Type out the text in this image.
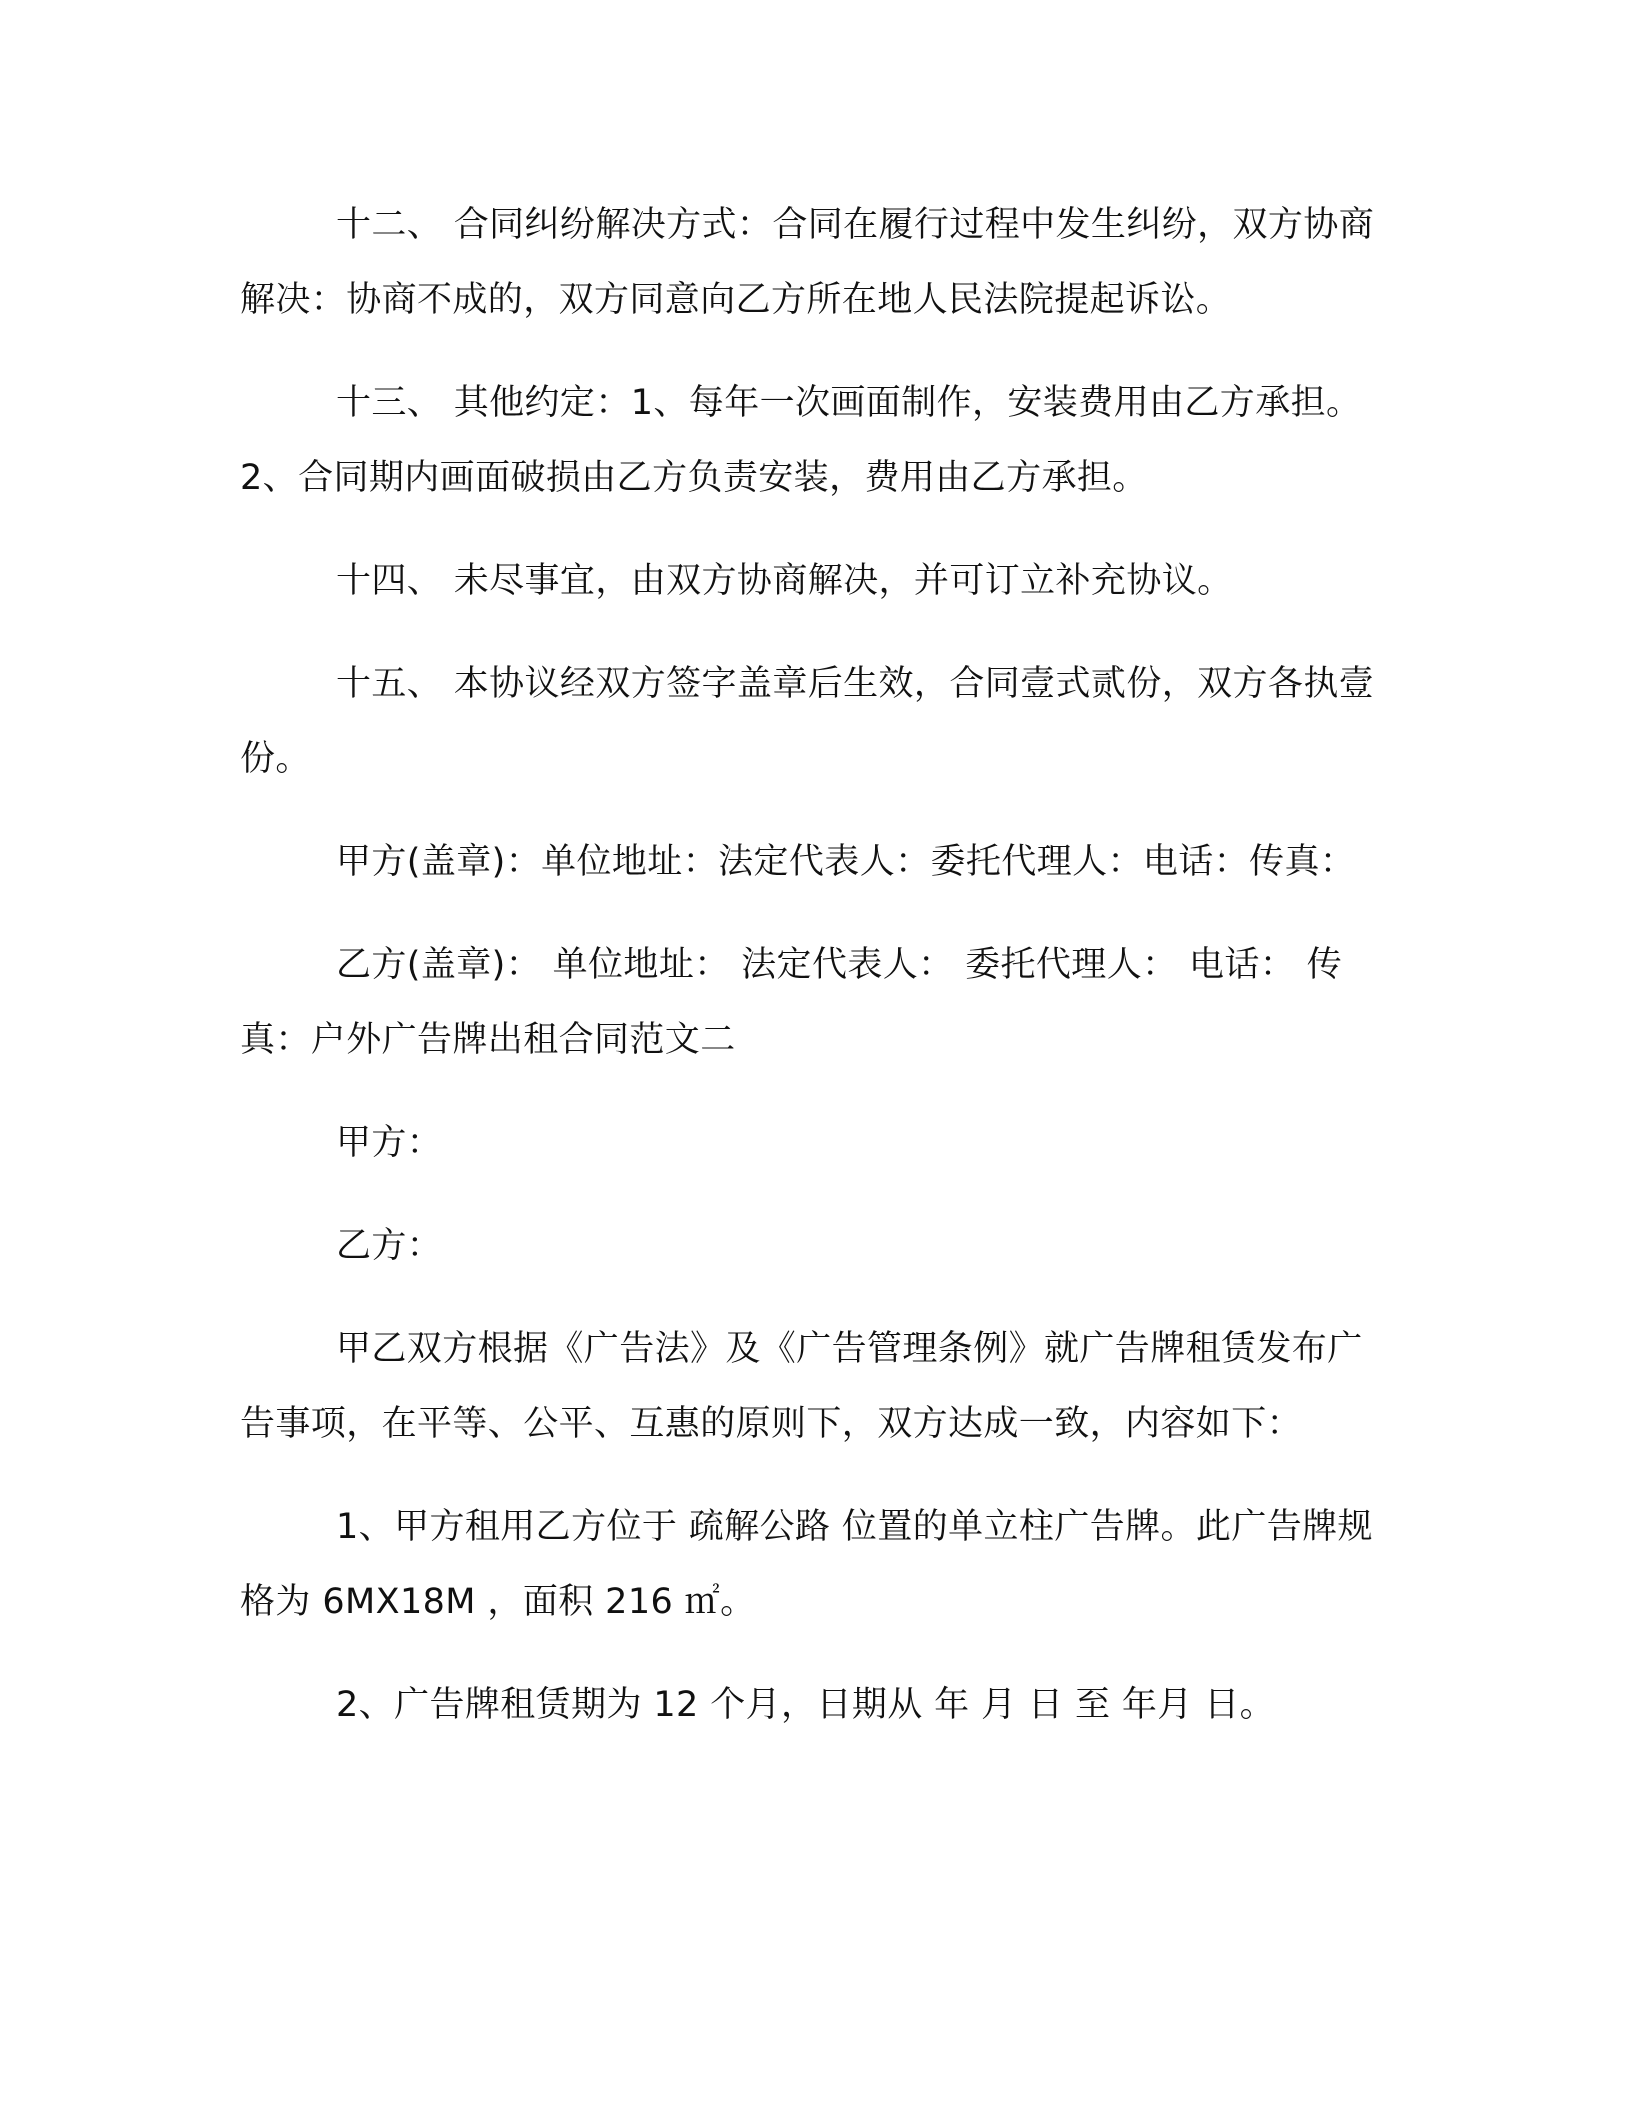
十二、 合同纠纷解决方式：合同在履行过程中发生纠纷，双方协商解决：协商不成的，双方同意向乙方所在地人民法院提起诉讼。

十三、 其他约定：1、每年一次画面制作，安装费用由乙方承担。2、合同期内画面破损由乙方负责安装，费用由乙方承担。

十四、 未尽事宜，由双方协商解决，并可订立补充协议。

十五、 本协议经双方签字盖章后生效，合同壹式贰份，双方各执壹份。

甲方(盖章)：单位地址：法定代表人：委托代理人：电话：传真：

乙方(盖章)： 单位地址： 法定代表人： 委托代理人： 电话： 传真：户外广告牌出租合同范文二

甲方：

乙方：

甲乙双方根据《广告法》及《广告管理条例》就广告牌租赁发布广告事项，在平等、公平、互惠的原则下，双方达成一致，内容如下：

1、甲方租用乙方位于 疏解公路 位置的单立柱广告牌。此广告牌规格为 6MX18M ，面积 216 ㎡。

2、广告牌租赁期为 12 个月，日期从 年 月 日 至 年月 日。
